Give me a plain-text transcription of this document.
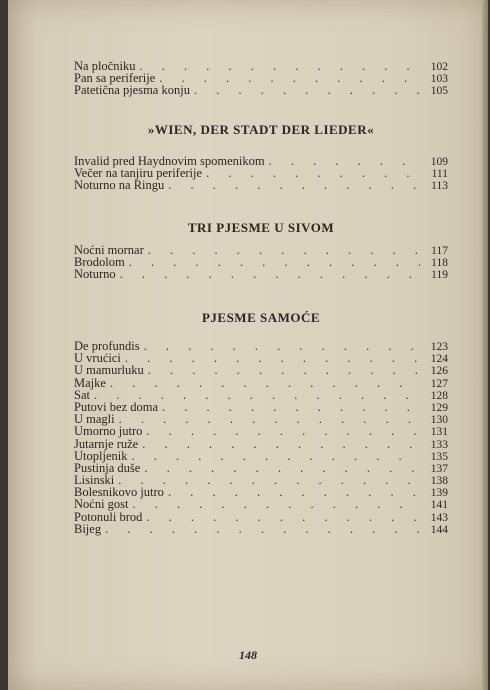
Na pločniku . . .	102
Pan sa periferije . . .	103
Patetična pjesma konju . . .	105
»WIEN, DER STADT DER LIEDER«
Invalid pred Haydnovim spomenikom . . .	109
Večer na tanjiru periferije . . .	111
Noturno na Ringu . . .	113
TRI PJESME U SIVOM
Noćni mornar . . .	117
Brodolom . . .	118
Noturno . . .	119
PJESME SAMOĆE
De profundis . . .	123
U vrućici . . .	124
U mamurluku . . .	126
Majke . . .	127
Sat . . .	128
Putovi bez doma . . .	129
U magli . . .	130
Umorno jutro . . .	131
Jutarnje ruže . . .	133
Utopljenik . . .	135
Pustinja duše . . .	137
Lisinski . . .	138
Bolesnikovo jutro . . .	139
Noćni gost . . .	141
Potonuli brod . . .	143
Bijeg . . .	144
148
